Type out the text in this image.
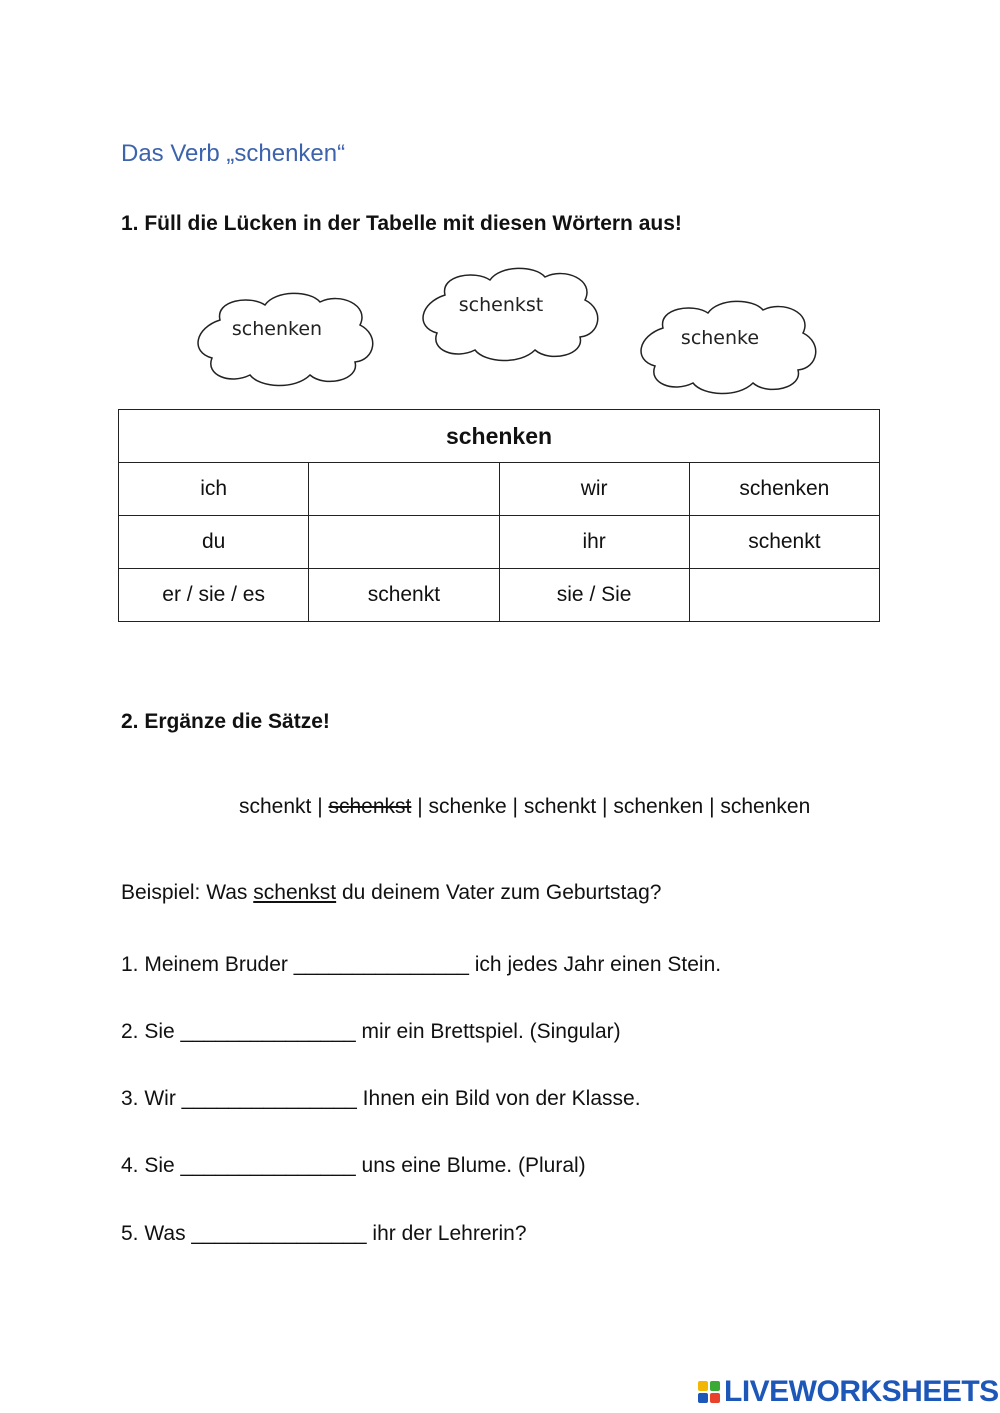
Das Verb „schenken“
1. Füll die Lücken in der Tabelle mit diesen Wörtern aus!
schenken
schenkst
schenke
schenken			
ich		wir	schenken
du		ihr	schenkt
er / sie / es	schenkt	sie / Sie	
2. Ergänze die Sätze!
schenkt | schenkst | schenke | schenkt | schenken | schenken
Beispiel: Was schenkst du deinem Vater zum Geburtstag?
1. Meinem Bruder _______________ ich jedes Jahr einen Stein.
2. Sie _______________ mir ein Brettspiel. (Singular)
3. Wir _______________ Ihnen ein Bild von der Klasse.
4. Sie _______________ uns eine Blume. (Plural)
5. Was _______________ ihr der Lehrerin?
LIVEWORKSHEETS
